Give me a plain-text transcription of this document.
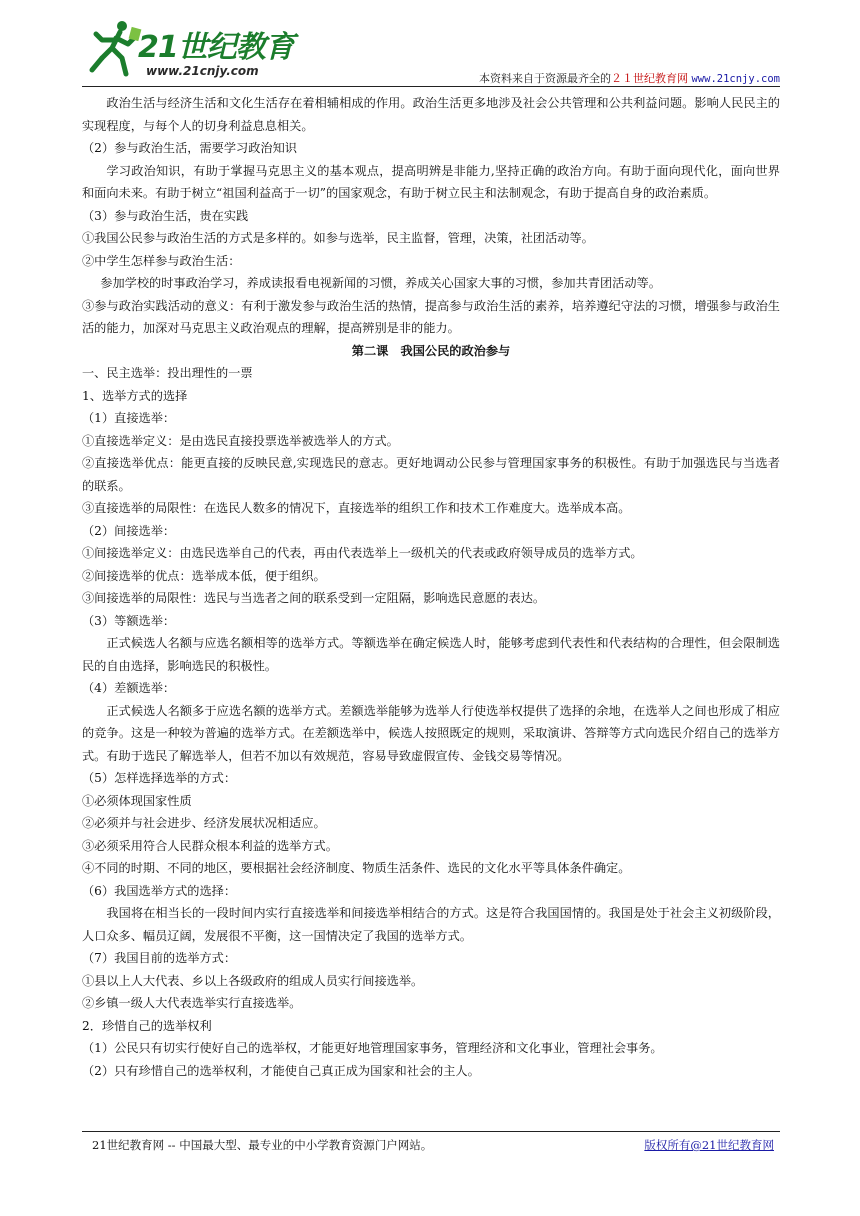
21世纪教育
www.21cnjy.com
本资料来自于资源最齐全的２１世纪教育网 www.21cnjy.com

政治生活与经济生活和文化生活存在着相辅相成的作用。政治生活更多地涉及社会公共管理和公共利益问题。影响人民民主的实现程度，与每个人的切身利益息息相关。

（2）参与政治生活，需要学习政治知识

学习政治知识，有助于掌握马克思主义的基本观点，提高明辨是非能力,坚持正确的政治方向。有助于面向现代化，面向世界和面向未来。有助于树立“祖国利益高于一切”的国家观念，有助于树立民主和法制观念，有助于提高自身的政治素质。

（3）参与政治生活，贵在实践

①我国公民参与政治生活的方式是多样的。如参与选举，民主监督，管理，决策，社团活动等。

②中学生怎样参与政治生活：

参加学校的时事政治学习，养成读报看电视新闻的习惯，养成关心国家大事的习惯，参加共青团活动等。

③参与政治实践活动的意义：有利于激发参与政治生活的热情，提高参与政治生活的素养，培养遵纪守法的习惯，增强参与政治生活的能力，加深对马克思主义政治观点的理解，提高辨别是非的能力。

第二课　我国公民的政治参与

一、民主选举：投出理性的一票

1、选举方式的选择

（1）直接选举：

①直接选举定义：是由选民直接投票选举被选举人的方式。

②直接选举优点：能更直接的反映民意,实现选民的意志。更好地调动公民参与管理国家事务的积极性。有助于加强选民与当选者的联系。

③直接选举的局限性：在选民人数多的情况下，直接选举的组织工作和技术工作难度大。选举成本高。

（2）间接选举：

①间接选举定义：由选民选举自己的代表，再由代表选举上一级机关的代表或政府领导成员的选举方式。

②间接选举的优点：选举成本低，便于组织。

③间接选举的局限性：选民与当选者之间的联系受到一定阻隔，影响选民意愿的表达。

（3）等额选举：

正式候选人名额与应选名额相等的选举方式。等额选举在确定候选人时，能够考虑到代表性和代表结构的合理性，但会限制选民的自由选择，影响选民的积极性。

（4）差额选举：

正式候选人名额多于应选名额的选举方式。差额选举能够为选举人行使选举权提供了选择的余地，在选举人之间也形成了相应的竞争。这是一种较为普遍的选举方式。在差额选举中，候选人按照既定的规则，采取演讲、答辩等方式向选民介绍自己的选举方式。有助于选民了解选举人，但若不加以有效规范，容易导致虚假宣传、金钱交易等情况。

（5）怎样选择选举的方式：

①必须体现国家性质

②必须并与社会进步、经济发展状况相适应。

③必须采用符合人民群众根本利益的选举方式。

④不同的时期、不同的地区，要根据社会经济制度、物质生活条件、选民的文化水平等具体条件确定。

（6）我国选举方式的选择：

我国将在相当长的一段时间内实行直接选举和间接选举相结合的方式。这是符合我国国情的。我国是处于社会主义初级阶段，人口众多、幅员辽阔，发展很不平衡，这一国情决定了我国的选举方式。

（7）我国目前的选举方式：

①县以上人大代表、乡以上各级政府的组成人员实行间接选举。

②乡镇一级人大代表选举实行直接选举。

2．珍惜自己的选举权利

（1）公民只有切实行使好自己的选举权，才能更好地管理国家事务，管理经济和文化事业，管理社会事务。

（2）只有珍惜自己的选举权利，才能使自己真正成为国家和社会的主人。

21世纪教育网 -- 中国最大型、最专业的中小学教育资源门户网站。	版权所有@21世纪教育网
